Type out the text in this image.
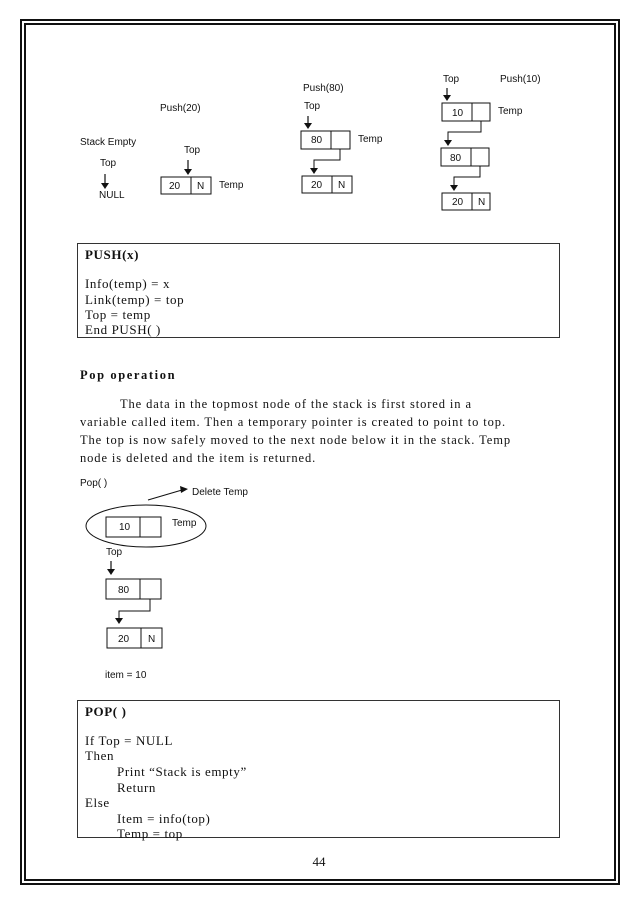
Stack Empty
Top
NULL
Push(20)
Top
20 N Temp
Push(80)
Top
80	Temp
20 N
Top	Push(10)
10	Temp
80
20 N
PUSH(x)
Info(temp) = x
Link(temp) = top
Top = temp
End PUSH( )
Pop operation
The data in the topmost node of the stack is first stored in a
variable called item. Then a temporary pointer is created to point to top.
The top is now safely moved to the next node below it in the stack. Temp
node is deleted and the item is returned.
Pop( )
Delete Temp
10	Temp
Top
80
20 N
item = 10
POP( )
If Top = NULL
Then
Print “Stack is empty”
Return
Else
Item = info(top)
Temp = top
44
